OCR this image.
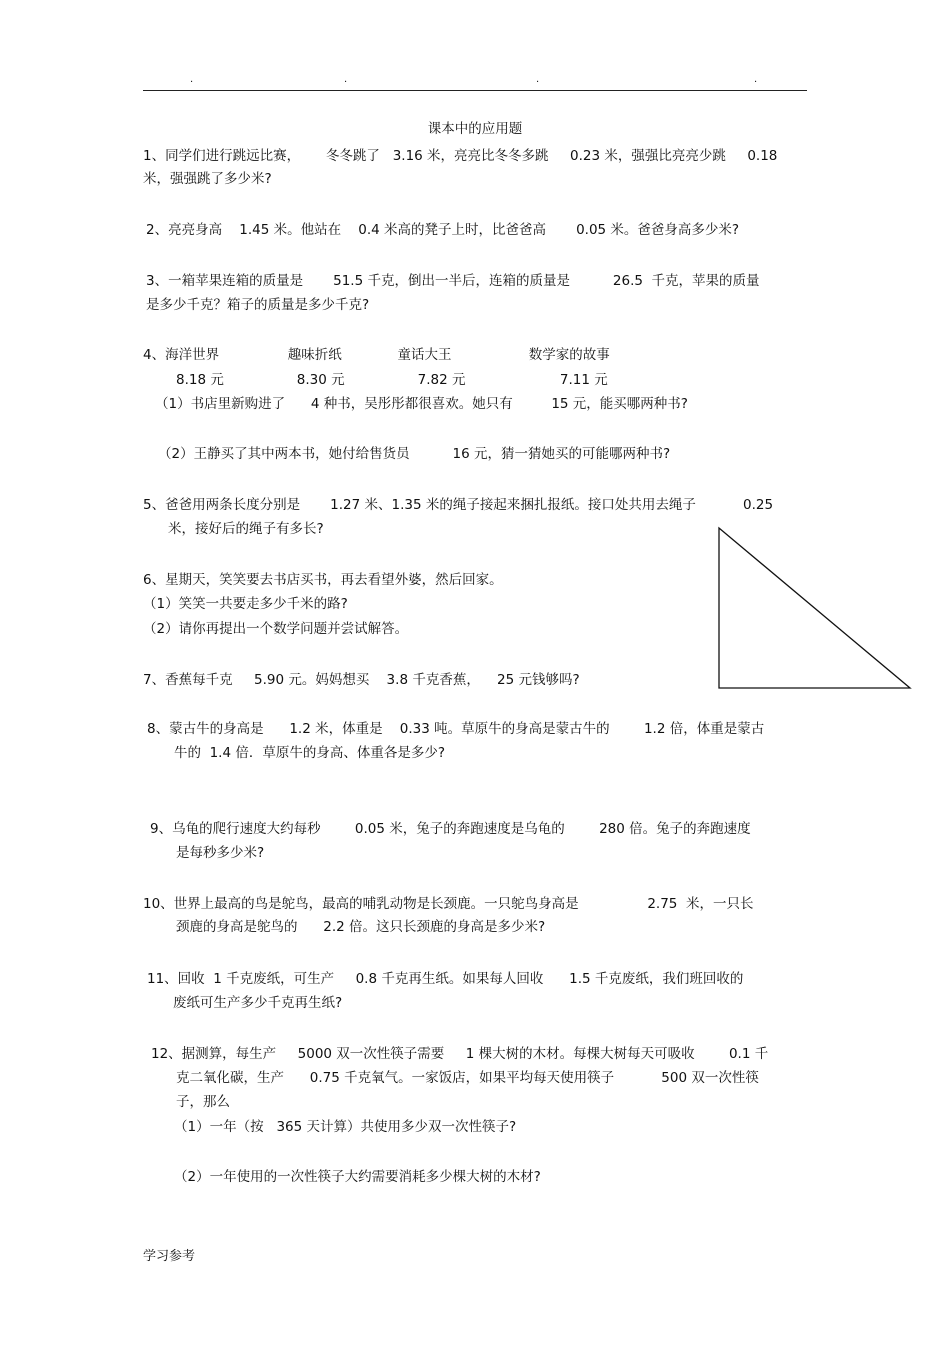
.	.	.	.
课本中的应用题
1、同学们进行跳远比赛，      冬冬跳了   3.16 米，亮亮比冬冬多跳     0.23 米，强强比亮亮少跳     0.18
米，强强跳了多少米?
2、亮亮身高    1.45 米。他站在    0.4 米高的凳子上时，比爸爸高       0.05 米。爸爸身高多少米?
3、一箱苹果连箱的质量是       51.5 千克，倒出一半后，连箱的质量是          26.5  千克，苹果的质量
是多少千克？箱子的质量是多少千克?
4、海洋世界                趣味折纸             童话大王                  数学家的故事
8.18 元                 8.30 元                 7.82 元                      7.11 元
（1）书店里新购进了      4 种书，吴彤彤都很喜欢。她只有         15 元，能买哪两种书?
（2）王静买了其中两本书，她付给售货员          16 元，猜一猜她买的可能哪两种书?
5、爸爸用两条长度分别是       1.27 米、1.35 米的绳子接起来捆扎报纸。接口处共用去绳子           0.25
米，接好后的绳子有多长?
6、星期天，笑笑要去书店买书，再去看望外婆，然后回家。
（1）笑笑一共要走多少千米的路?
（2）请你再提出一个数学问题并尝试解答。
7、香蕉每千克     5.90 元。妈妈想买    3.8 千克香蕉，    25 元钱够吗?
8、蒙古牛的身高是      1.2 米，体重是    0.33 吨。草原牛的身高是蒙古牛的        1.2 倍，体重是蒙古
牛的  1.4 倍．草原牛的身高、体重各是多少?
9、乌龟的爬行速度大约每秒        0.05 米，兔子的奔跑速度是乌龟的        280 倍。兔子的奔跑速度
是每秒多少米?
10、世界上最高的鸟是鸵鸟，最高的哺乳动物是长颈鹿。一只鸵鸟身高是                2.75  米，一只长
颈鹿的身高是鸵鸟的      2.2 倍。这只长颈鹿的身高是多少米?
11、回收  1 千克废纸，可生产     0.8 千克再生纸。如果每人回收      1.5 千克废纸，我们班回收的
废纸可生产多少千克再生纸?
12、据测算，每生产     5000 双一次性筷子需要     1 棵大树的木材。每棵大树每天可吸收        0.1 千
克二氧化碳，生产      0.75 千克氧气。一家饭店，如果平均每天使用筷子           500 双一次性筷
子，那么
（1）一年（按   365 天计算）共使用多少双一次性筷子?
（2）一年使用的一次性筷子大约需要消耗多少棵大树的木材?
学习参考
